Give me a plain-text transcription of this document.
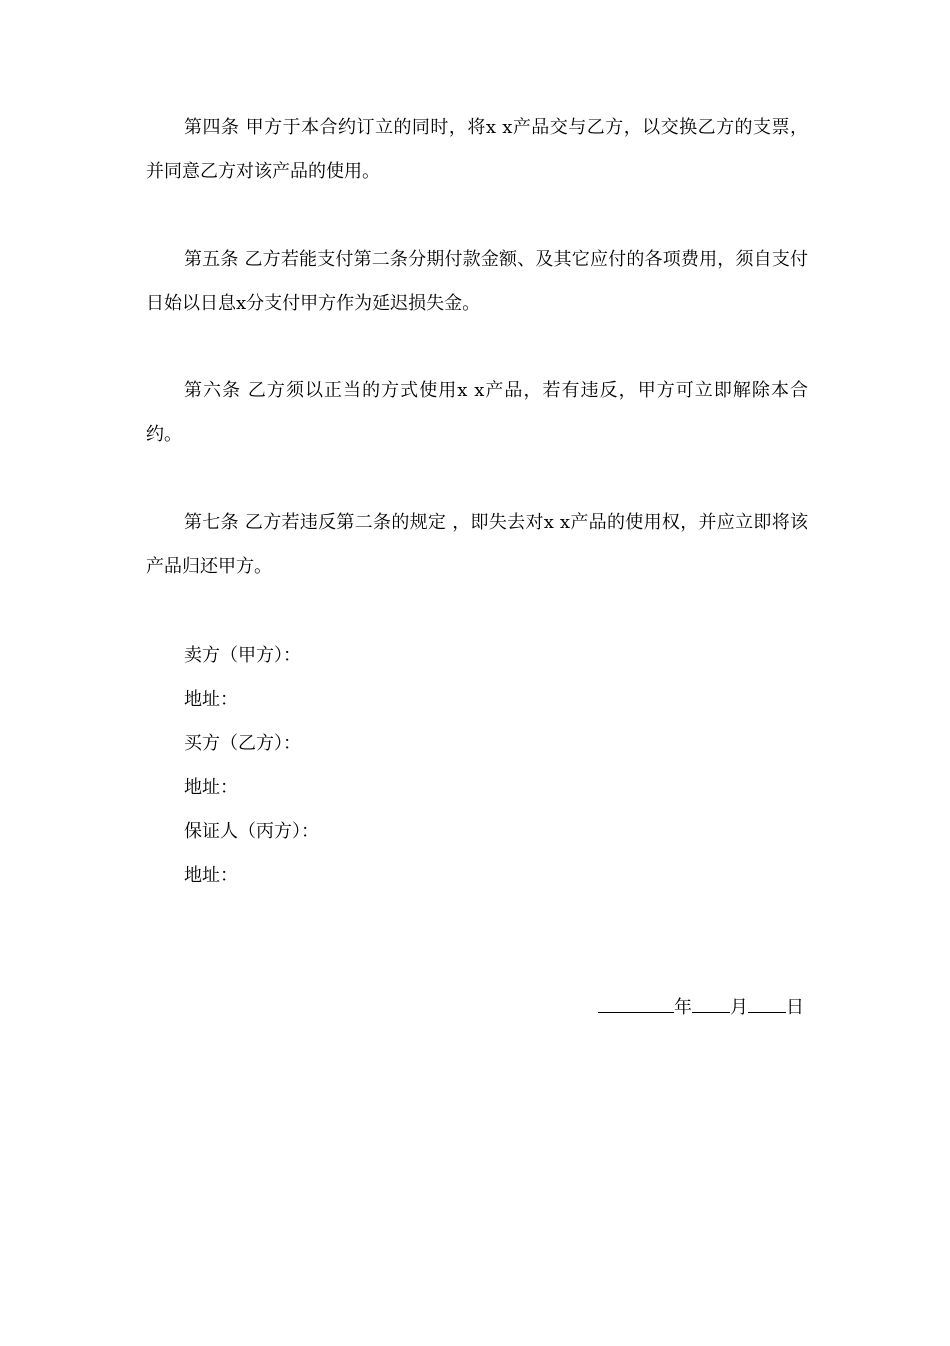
第四条 甲方于本合约订立的同时，将x x产品交与乙方，以交换乙方的支票，并同意乙方对该产品的使用。

第五条 乙方若能支付第二条分期付款金额、及其它应付的各项费用，须自支付日始以日息x分支付甲方作为延迟损失金。

第六条 乙方须以正当的方式使用x x产品，若有违反，甲方可立即解除本合约。

第七条 乙方若违反第二条的规定 ，即失去对x x产品的使用权，并应立即将该产品归还甲方。

卖方（甲方）：
地址：
买方（乙方）：
地址：
保证人（丙方）：
地址：
年 月 日
